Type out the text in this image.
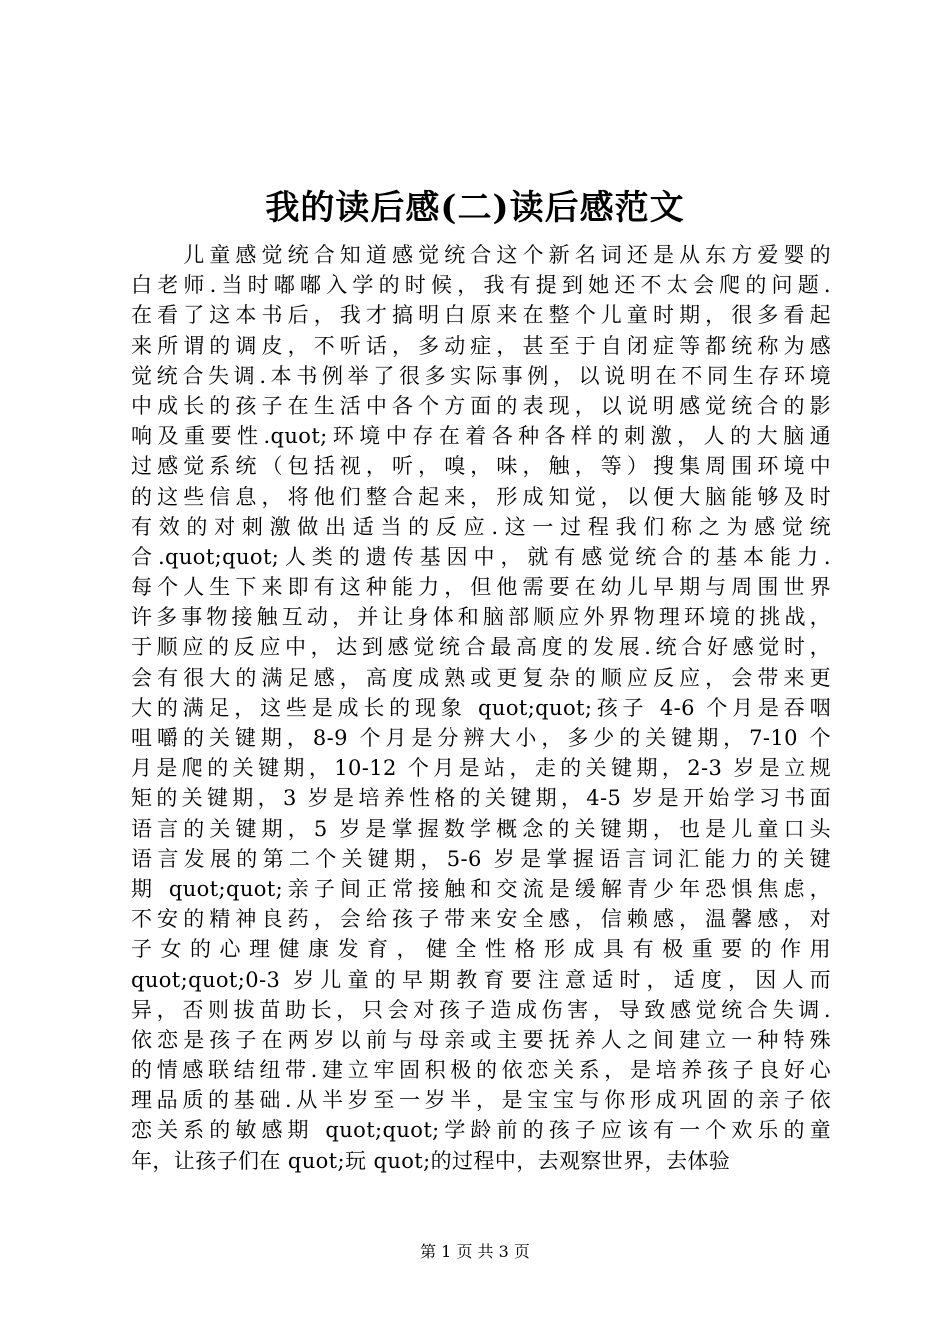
我的读后感(二)读后感范文
　　儿童感觉统合知道感觉统合这个新名词还是从东方爱婴的
白老师.当时嘟嘟入学的时候，我有提到她还不太会爬的问题.
在看了这本书后，我才搞明白原来在整个儿童时期，很多看起
来所谓的调皮，不听话，多动症，甚至于自闭症等都统称为感
觉统合失调.本书例举了很多实际事例，以说明在不同生存环境
中成长的孩子在生活中各个方面的表现，以说明感觉统合的影
响及重要性.quot;环境中存在着各种各样的刺激，人的大脑通
过感觉系统（包括视，听，嗅，味，触，等）搜集周围环境中
的这些信息，将他们整合起来，形成知觉，以便大脑能够及时
有效的对刺激做出适当的反应.这一过程我们称之为感觉统
合.quot;quot;人类的遗传基因中，就有感觉统合的基本能力.
每个人生下来即有这种能力，但他需要在幼儿早期与周围世界
许多事物接触互动，并让身体和脑部顺应外界物理环境的挑战，
于顺应的反应中，达到感觉统合最高度的发展.统合好感觉时，
会有很大的满足感，高度成熟或更复杂的顺应反应，会带来更
大的满足，这些是成长的现象 quot;quot;孩子 4-6 个月是吞咽
咀嚼的关键期，8-9 个月是分辨大小，多少的关键期，7-10 个
月是爬的关键期，10-12 个月是站，走的关键期，2-3 岁是立规
矩的关键期，3 岁是培养性格的关键期，4-5 岁是开始学习书面
语言的关键期，5 岁是掌握数学概念的关键期，也是儿童口头
语言发展的第二个关键期，5-6 岁是掌握语言词汇能力的关键
期 quot;quot;亲子间正常接触和交流是缓解青少年恐惧焦虑，
不安的精神良药，会给孩子带来安全感，信赖感，温馨感，对
子女的心理健康发育，健全性格形成具有极重要的作用
quot;quot;0-3 岁儿童的早期教育要注意适时，适度，因人而
异，否则拔苗助长，只会对孩子造成伤害，导致感觉统合失调.
依恋是孩子在两岁以前与母亲或主要抚养人之间建立一种特殊
的情感联结纽带.建立牢固积极的依恋关系，是培养孩子良好心
理品质的基础.从半岁至一岁半，是宝宝与你形成巩固的亲子依
恋关系的敏感期 quot;quot;学龄前的孩子应该有一个欢乐的童
年，让孩子们在 quot;玩 quot;的过程中，去观察世界，去体验
第 1 页 共 3 页
